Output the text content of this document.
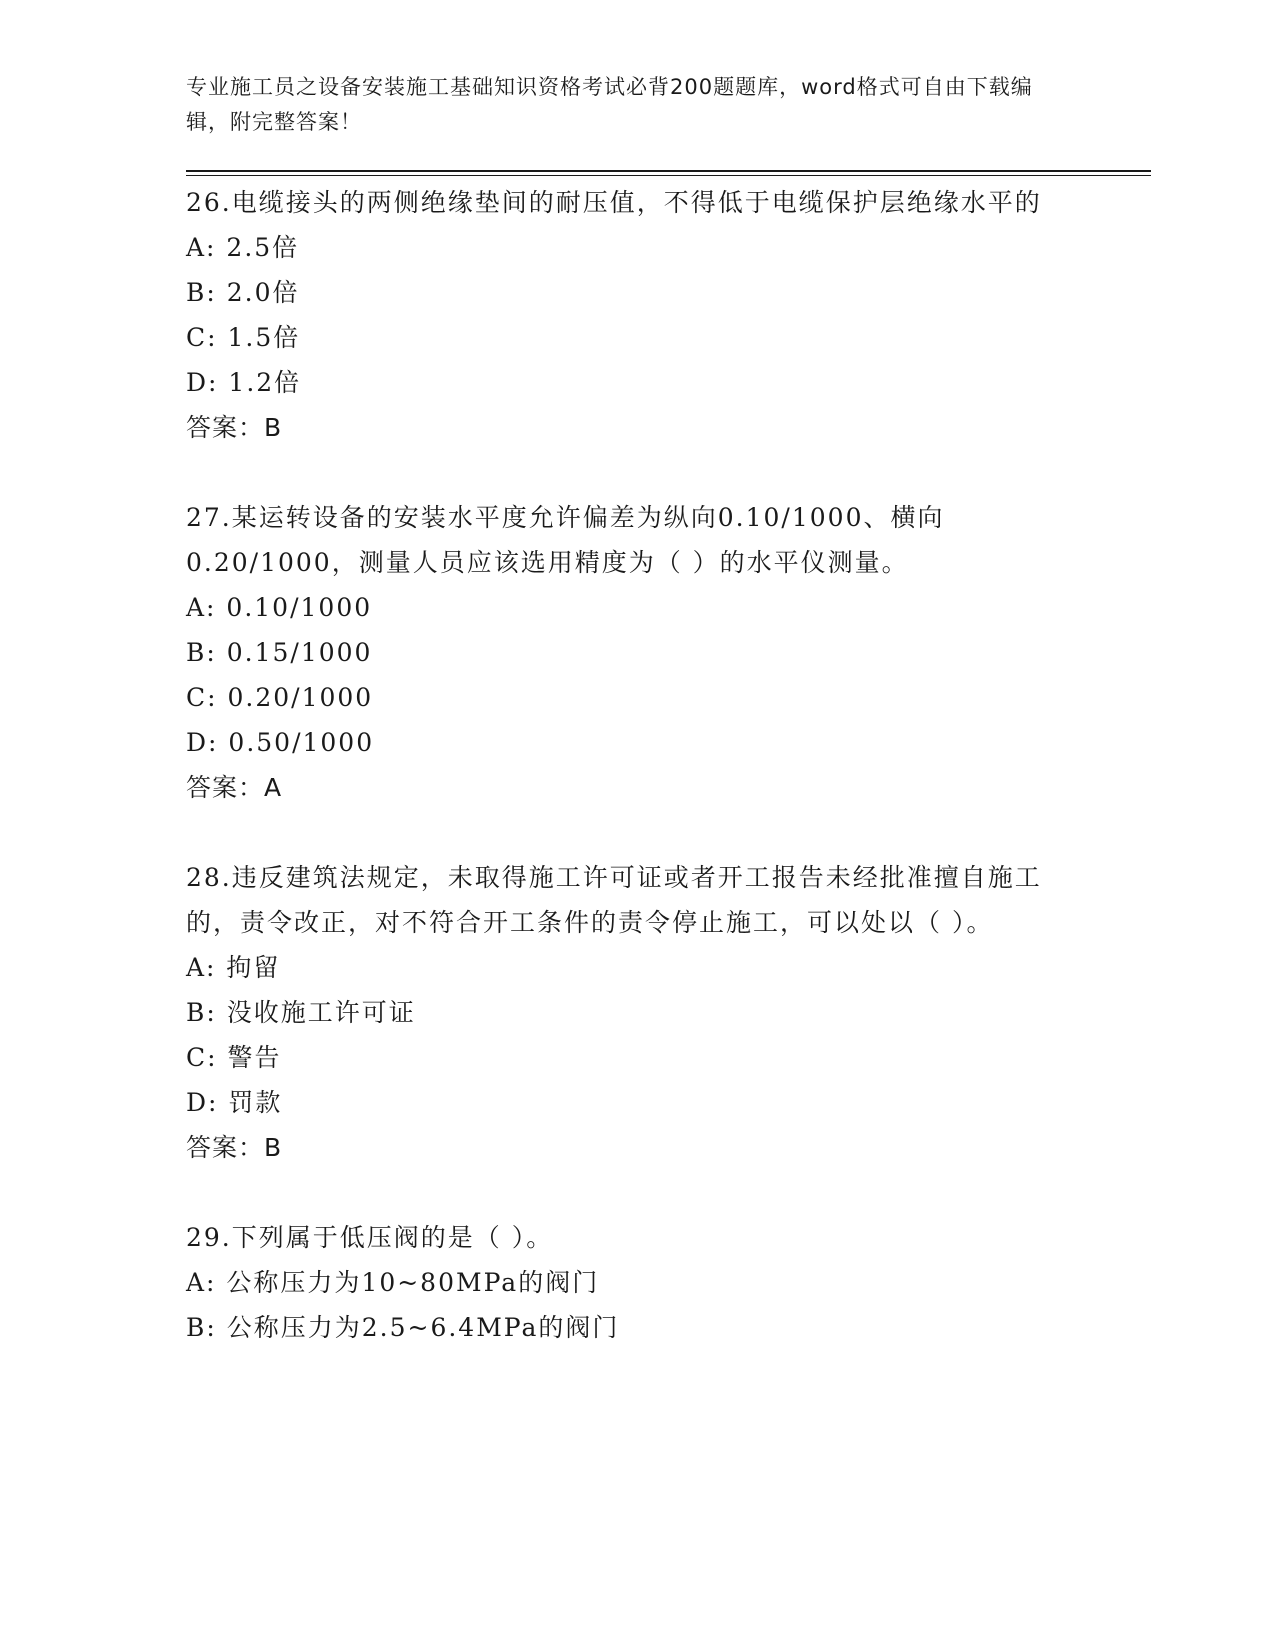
专业施工员之设备安装施工基础知识资格考试必背200题题库，word格式可自由下载编辑，附完整答案！

26.电缆接头的两侧绝缘垫间的耐压值，不得低于电缆保护层绝缘水平的

A: 2.5倍

B: 2.0倍

C: 1.5倍

D: 1.2倍

答案：B

27.某运转设备的安装水平度允许偏差为纵向0.10/1000、横向0.20/1000，测量人员应该选用精度为（ ）的水平仪测量。

A: 0.10/1000

B: 0.15/1000

C: 0.20/1000

D: 0.50/1000

答案：A

28.违反建筑法规定，未取得施工许可证或者开工报告未经批准擅自施工的，责令改正，对不符合开工条件的责令停止施工，可以处以（ ）。

A: 拘留

B: 没收施工许可证

C: 警告

D: 罚款

答案：B

29.下列属于低压阀的是（ ）。

A: 公称压力为10~80MPa的阀门

B: 公称压力为2.5~6.4MPa的阀门
